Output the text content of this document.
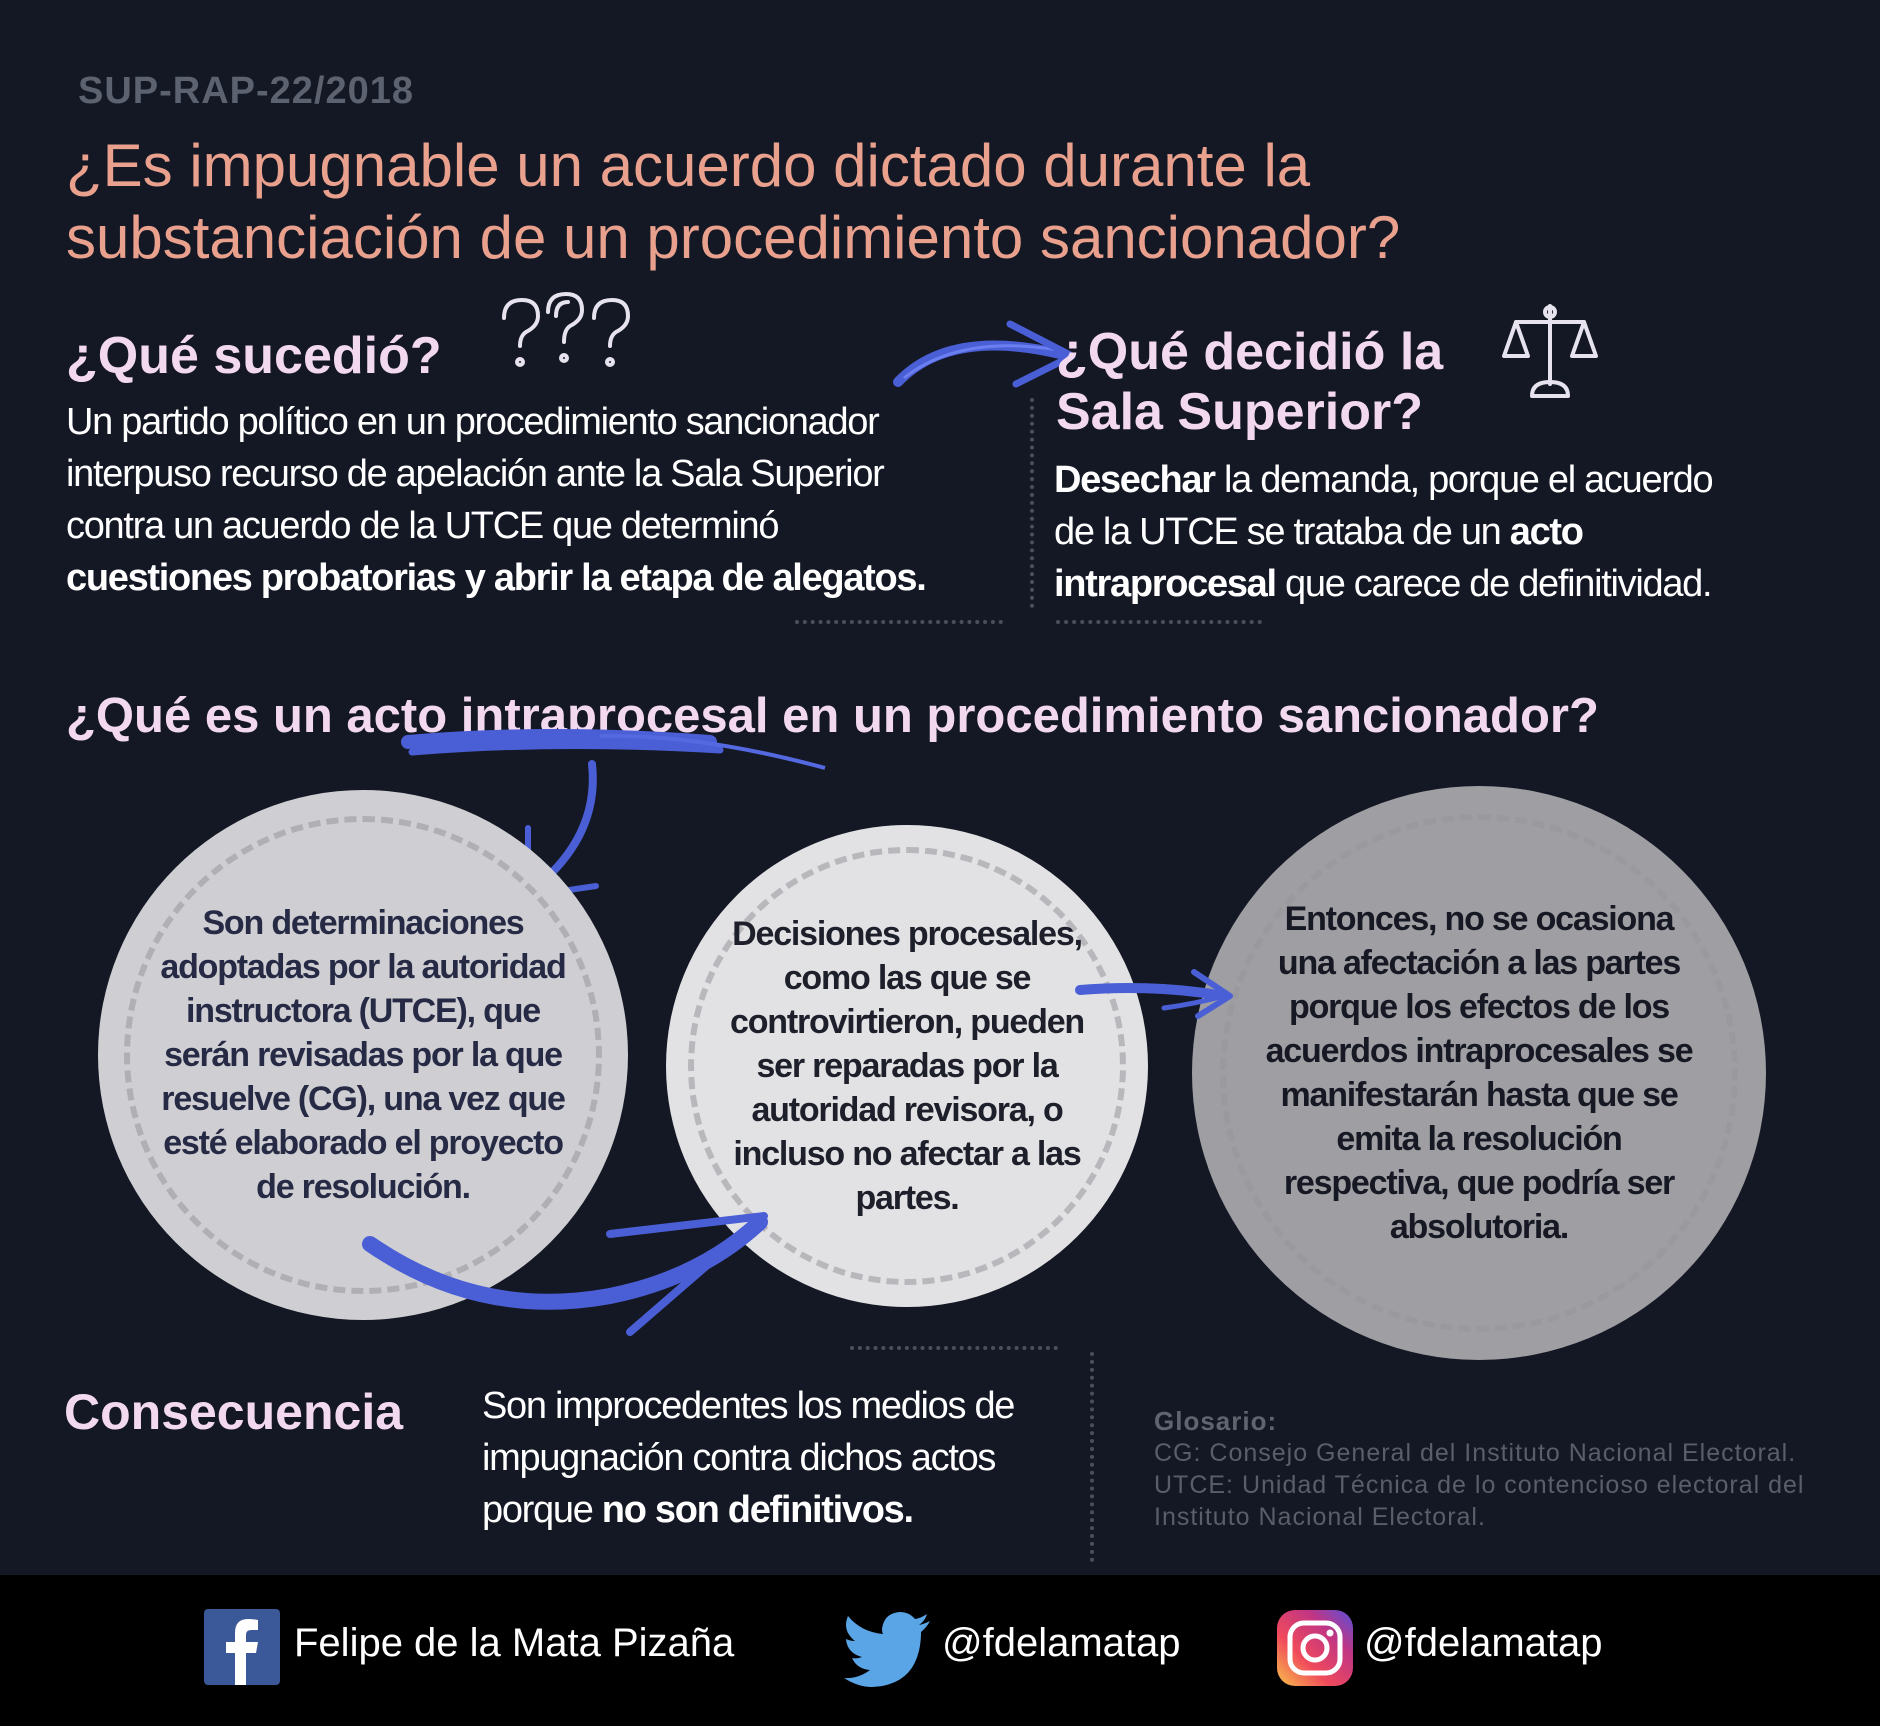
SUP-RAP-22/2018
¿Es impugnable un acuerdo dictado durante la
substanciación de un procedimiento sancionador?
¿Qué sucedió?
Un partido político en un procedimiento sancionador
interpuso recurso de apelación ante la Sala Superior
contra un acuerdo de la UTCE que determinó
cuestiones probatorias y abrir la etapa de alegatos.
¿Qué decidió la
Sala Superior?
Desechar la demanda, porque el acuerdo
de la UTCE se trataba de un acto
intraprocesal que carece de definitividad.
¿Qué es un acto intraprocesal en un procedimiento sancionador?
Son determinaciones adoptadas por la autoridad instructora (UTCE), que serán revisadas por la que resuelve (CG), una vez que esté elaborado el proyecto de resolución.
Decisiones procesales, como las que se controvirtieron, pueden ser reparadas por la autoridad revisora, o incluso no afectar a las partes.
Entonces, no se ocasiona una afectación a las partes porque los efectos de los acuerdos intraprocesales se manifestarán hasta que se emita la resolución respectiva, que podría ser absolutoria.
Consecuencia Son improcedentes los medios de
impugnación contra dichos actos
porque no son definitivos.
Glosario:
CG: Consejo General del Instituto Nacional Electoral.
UTCE: Unidad Técnica de lo contencioso electoral del
Instituto Nacional Electoral.
Felipe de la Mata Pizaña	@fdelamatap	@fdelamatap
